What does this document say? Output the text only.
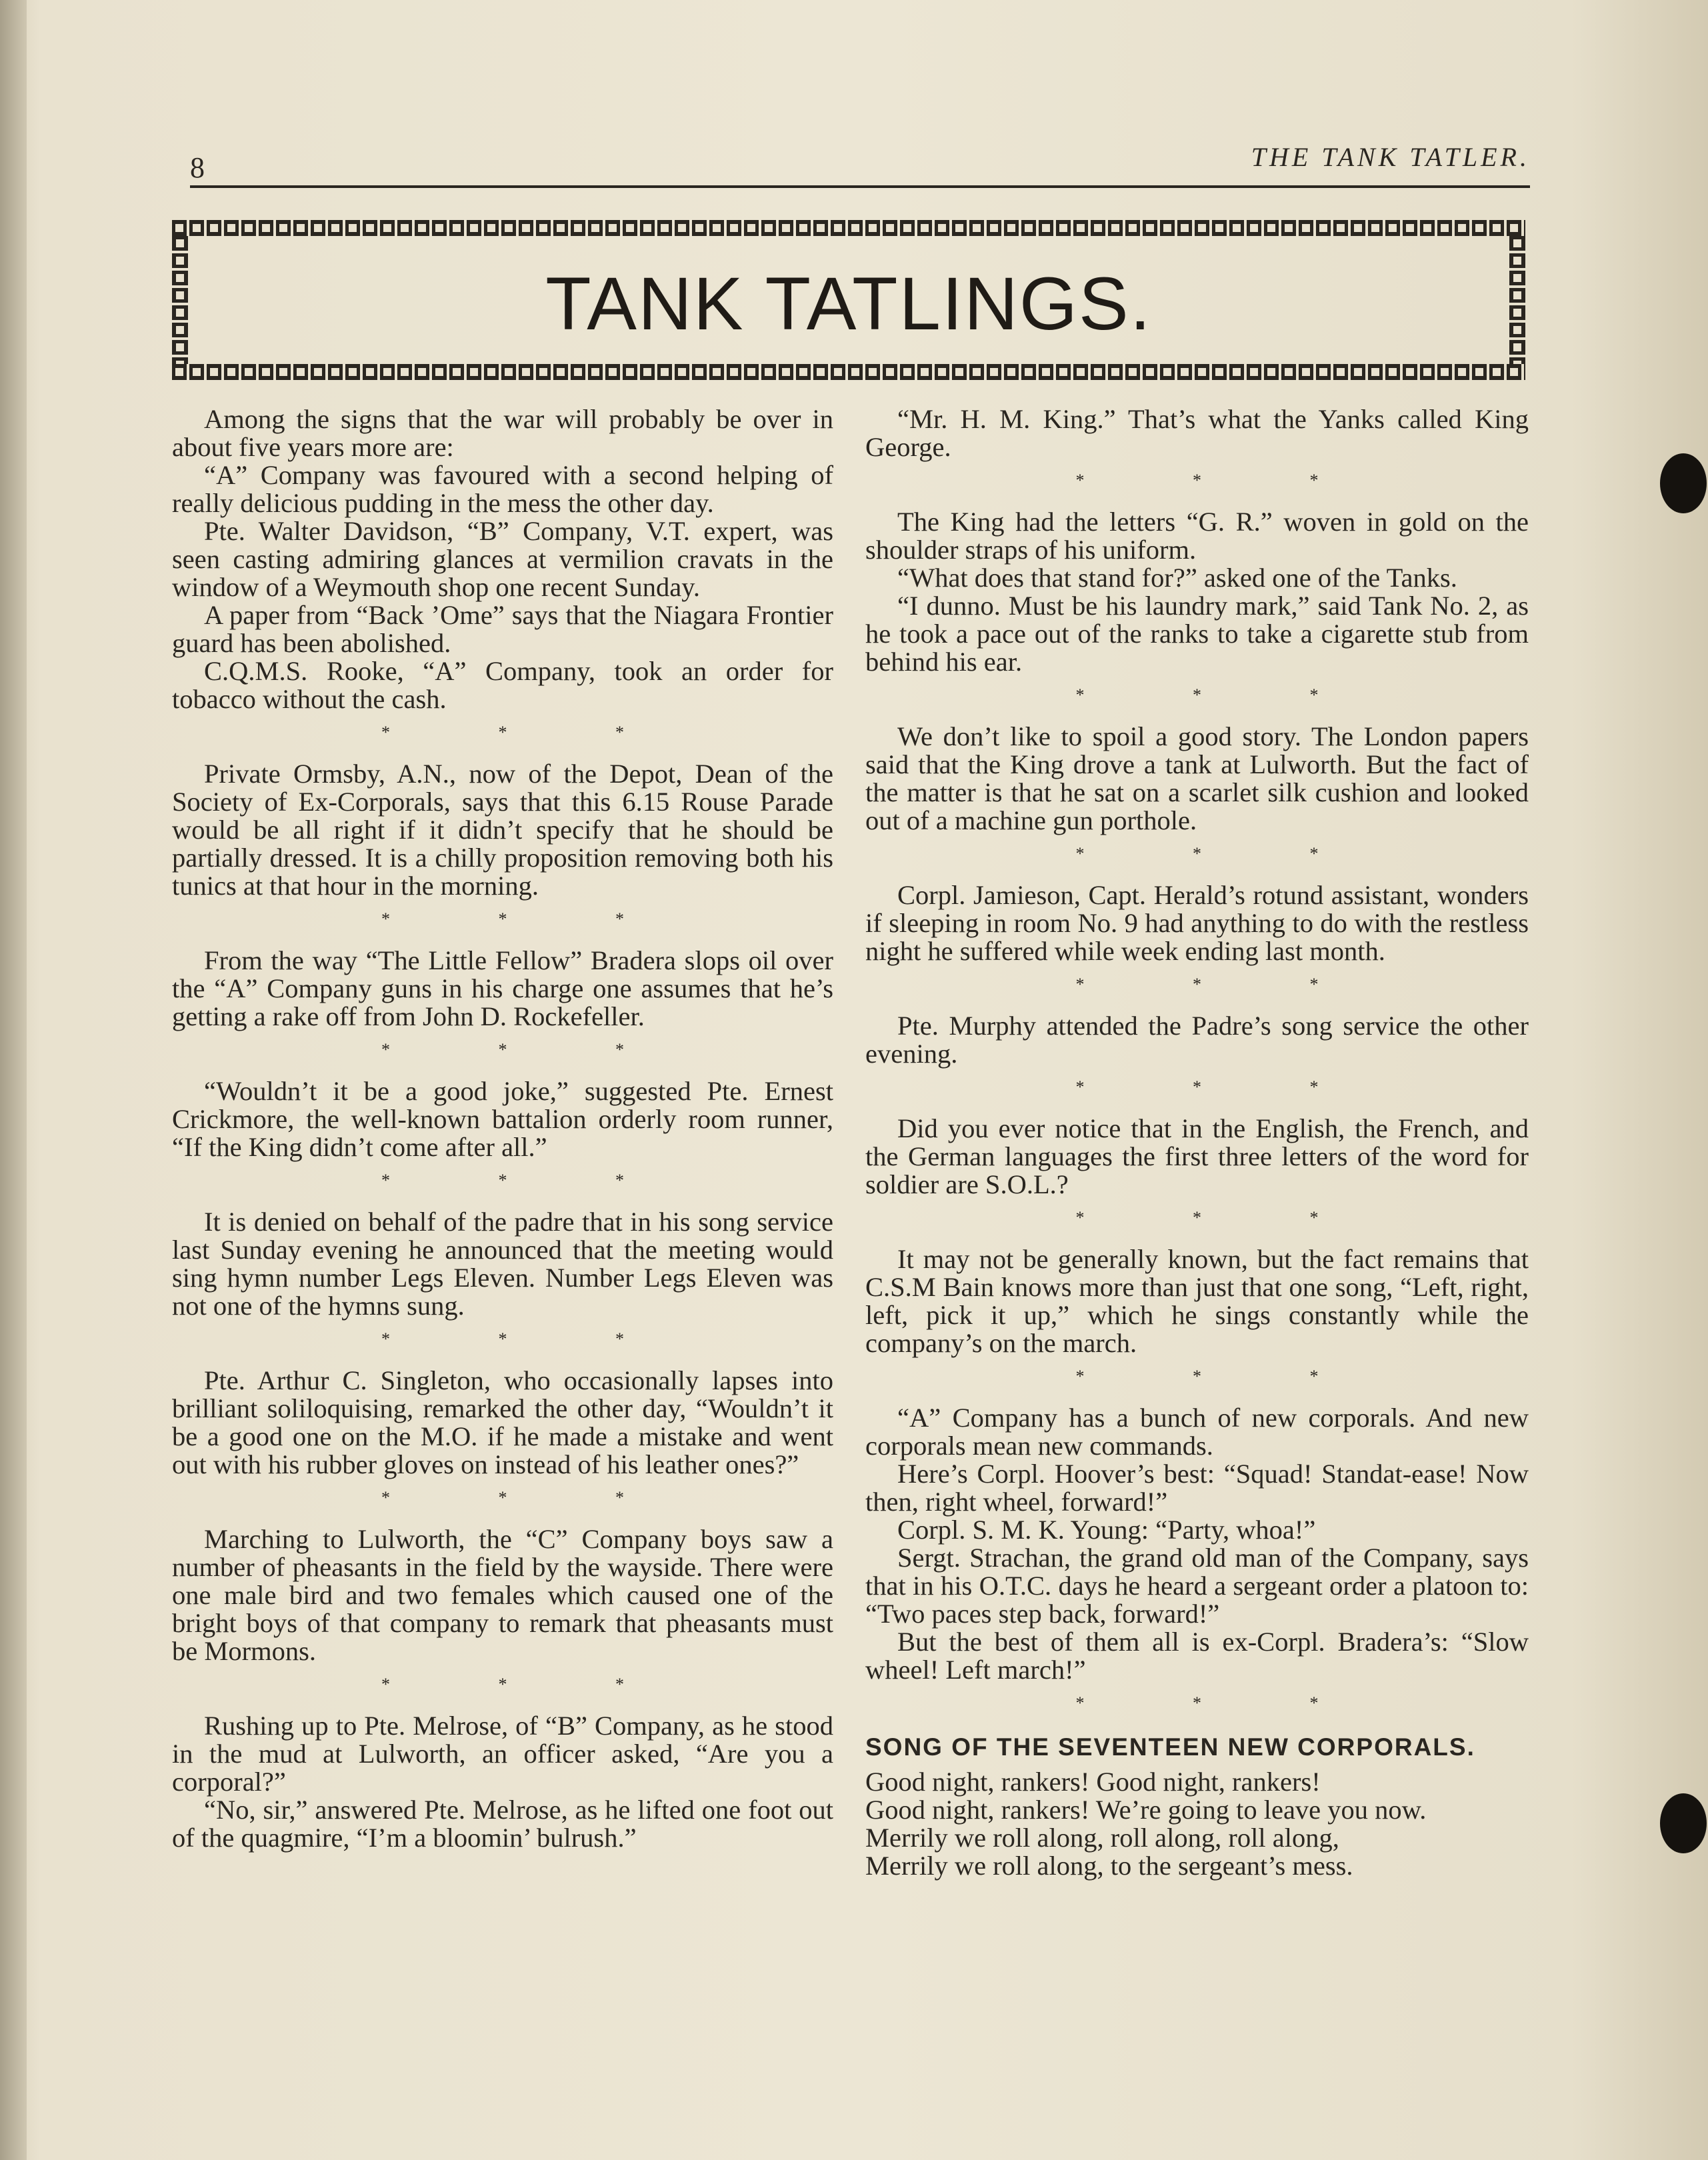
8	THE TANK TATLER.
TANK TATLINGS.

Among the signs that the war will probably be over in about five years more are:

“A” Company was favoured with a second helping of really delicious pudding in the mess the other day.

Pte. Walter Davidson, “B” Company, V.T. expert, was seen casting admiring glances at vermilion cravats in the window of a Weymouth shop one recent Sunday.

A paper from “Back ’Ome” says that the Niagara Frontier guard has been abolished.

C.Q.M.S. Rooke, “A” Company, took an order for tobacco without the cash.

* * *

Private Ormsby, A.N., now of the Depot, Dean of the Society of Ex-Corporals, says that this 6.15 Rouse Parade would be all right if it didn’t specify that he should be partially dressed. It is a chilly proposition removing both his tunics at that hour in the morning.

* * *

From the way “The Little Fellow” Bradera slops oil over the “A” Company guns in his charge one assumes that he’s getting a rake off from John D. Rockefeller.

* * *

“Wouldn’t it be a good joke,” suggested Pte. Ernest Crickmore, the well-known battalion orderly room runner, “If the King didn’t come after all.”

* * *

It is denied on behalf of the padre that in his song service last Sunday evening he announced that the meeting would sing hymn number Legs Eleven. Number Legs Eleven was not one of the hymns sung.

* * *

Pte. Arthur C. Singleton, who occasionally lapses into brilliant soliloquising, remarked the other day, “Wouldn’t it be a good one on the M.O. if he made a mistake and went out with his rubber gloves on instead of his leather ones?”

* * *

Marching to Lulworth, the “C” Company boys saw a number of pheasants in the field by the wayside. There were one male bird and two females which caused one of the bright boys of that company to remark that pheasants must be Mormons.

* * *

Rushing up to Pte. Melrose, of “B” Company, as he stood in the mud at Lulworth, an officer asked, “Are you a corporal?”

“No, sir,” answered Pte. Melrose, as he lifted one foot out of the quagmire, “I’m a bloomin’ bulrush.”

“Mr. H. M. King.” That’s what the Yanks called King George.

* * *

The King had the letters “G. R.” woven in gold on the shoulder straps of his uniform.

“What does that stand for?” asked one of the Tanks.

“I dunno. Must be his laundry mark,” said Tank No. 2, as he took a pace out of the ranks to take a cigarette stub from behind his ear.

* * *

We don’t like to spoil a good story. The London papers said that the King drove a tank at Lulworth. But the fact of the matter is that he sat on a scarlet silk cushion and looked out of a machine gun porthole.

* * *

Corpl. Jamieson, Capt. Herald’s rotund assistant, wonders if sleeping in room No. 9 had anything to do with the restless night he suffered while week ending last month.

* * *

Pte. Murphy attended the Padre’s song service the other evening.

* * *

Did you ever notice that in the English, the French, and the German languages the first three letters of the word for soldier are S.O.L.?

* * *

It may not be generally known, but the fact remains that C.S.M Bain knows more than just that one song, “Left, right, left, pick it up,” which he sings constantly while the company’s on the march.

* * *

“A” Company has a bunch of new corporals. And new corporals mean new commands.

Here’s Corpl. Hoover’s best: “Squad! Standat-ease! Now then, right wheel, forward!”

Corpl. S. M. K. Young: “Party, whoa!”

Sergt. Strachan, the grand old man of the Company, says that in his O.T.C. days he heard a sergeant order a platoon to: “Two paces step back, forward!”

But the best of them all is ex-Corpl. Bradera’s: “Slow wheel! Left march!”

* * *
SONG OF THE SEVENTEEN NEW CORPORALS.
Good night, rankers! Good night, rankers!
Good night, rankers! We’re going to leave you now.
Merrily we roll along, roll along, roll along,
Merrily we roll along, to the sergeant’s mess.
